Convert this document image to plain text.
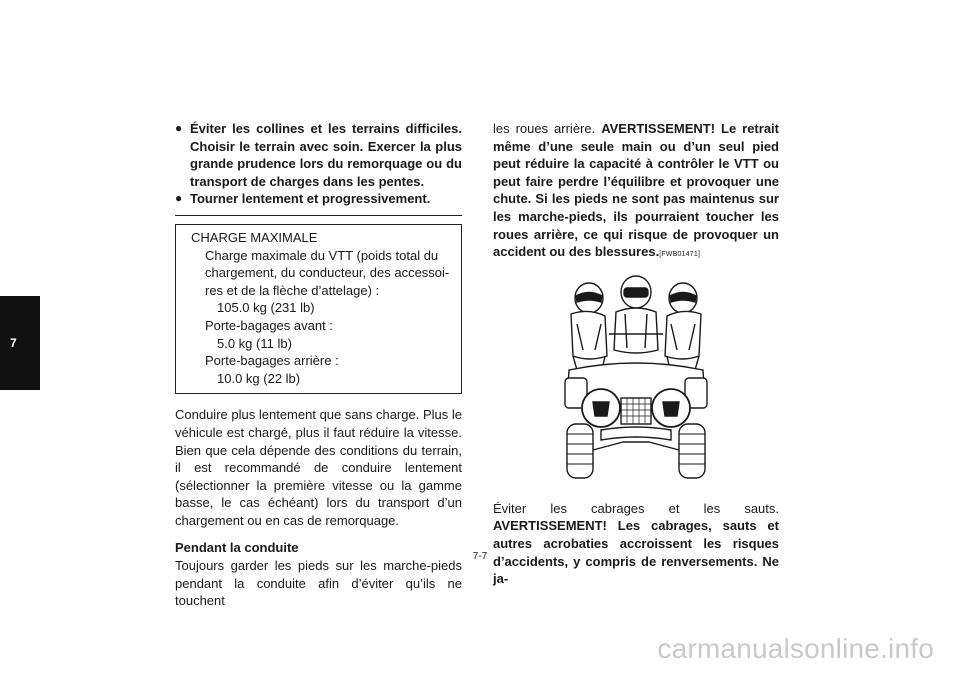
7
● Éviter les collines et les terrains difficiles. Choisir le terrain avec soin. Exercer la plus grande prudence lors du remorquage ou du transport de charges dans les pentes.
● Tourner lentement et progressivement.
CHARGE MAXIMALE
Charge maximale du VTT (poids total du
chargement, du conducteur, des accessoi-
res et de la flèche d’attelage) :
105.0 kg (231 lb)
Porte-bagages avant :
5.0 kg (11 lb)
Porte-bagages arrière :
10.0 kg (22 lb)

Conduire plus lentement que sans charge. Plus le véhicule est chargé, plus il faut réduire la vitesse. Bien que cela dépende des conditions du terrain, il est recommandé de conduire lentement (sélectionner la première vitesse ou la gamme basse, le cas échéant) lors du transport d’un chargement ou en cas de remorquage.

Pendant la conduite

Toujours garder les pieds sur les marche-pieds pendant la conduite afin d’éviter qu’ils ne touchent

les roues arrière. AVERTISSEMENT! Le retrait même d’une seule main ou d’un seul pied peut réduire la capacité à contrôler le VTT ou peut faire perdre l’équilibre et provoquer une chute. Si les pieds ne sont pas maintenus sur les marche-pieds, ils pourraient toucher les roues arrière, ce qui risque de provoquer un accident ou des blessures.[FWB01471]

Éviter les cabrages et les sauts. AVERTISSEMENT! Les cabrages, sauts et autres acrobaties accroissent les risques d’accidents, y compris de renversements. Ne ja-

7-7
carmanualsonline.info
